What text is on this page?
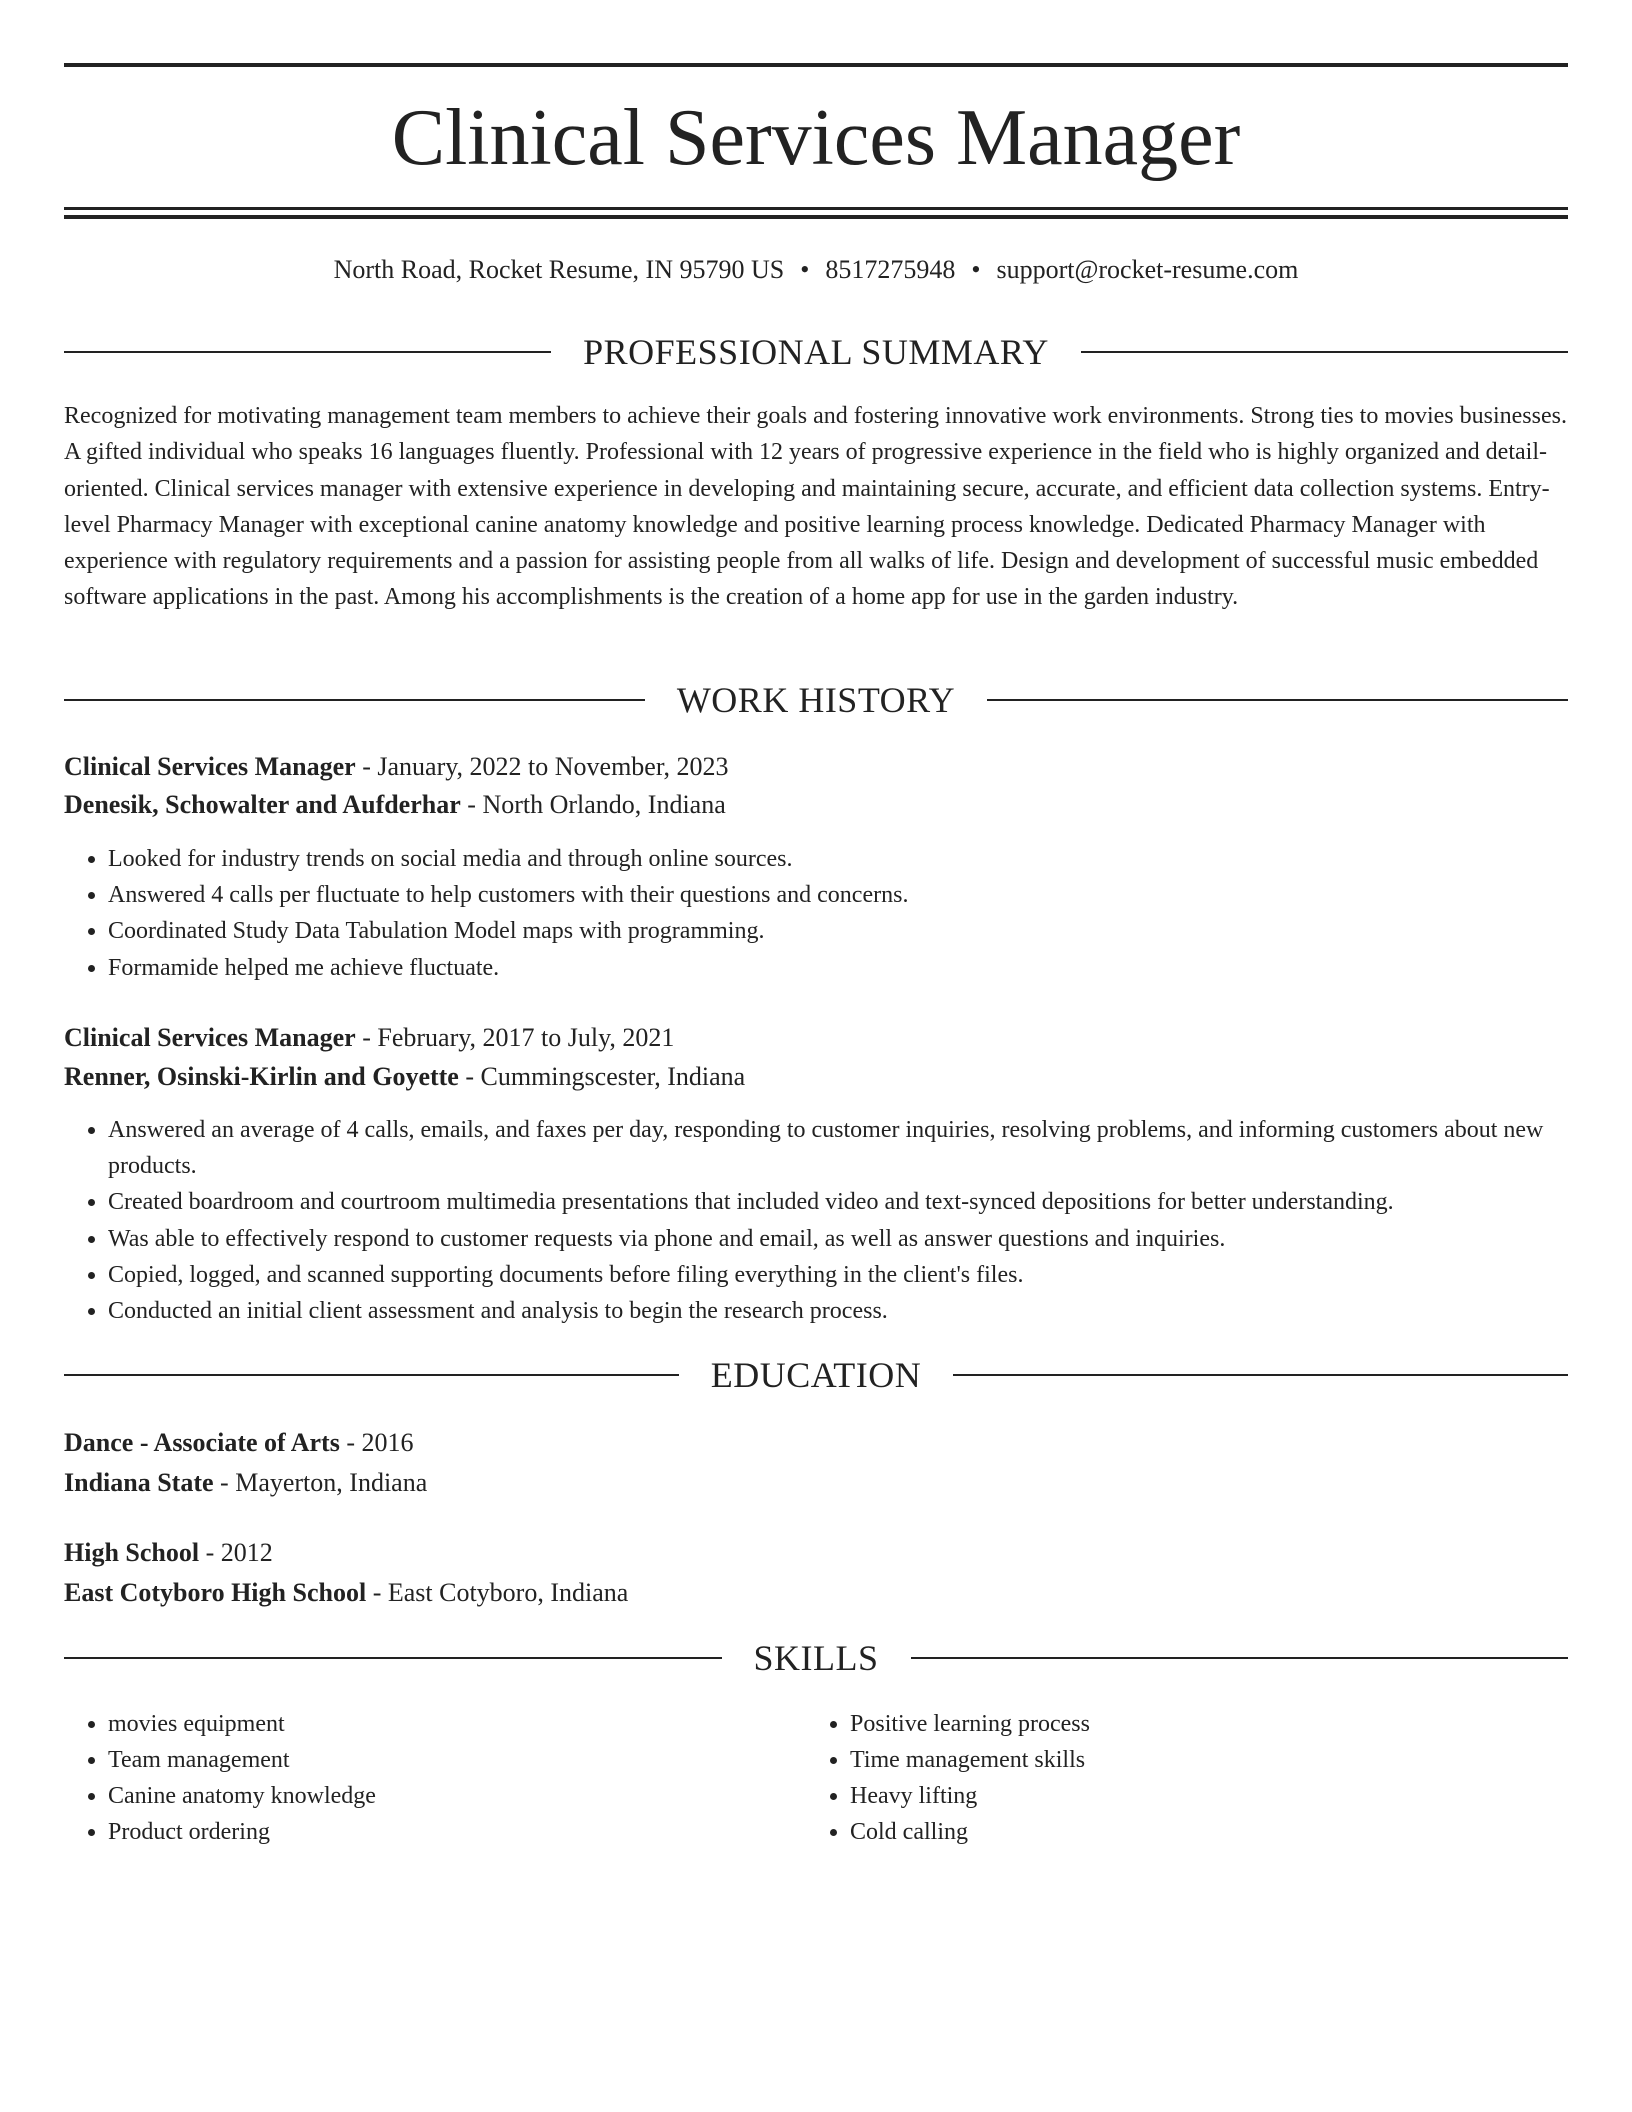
Clinical Services Manager
North Road, Rocket Resume, IN 95790 US • 8517275948 • support@rocket-resume.com
PROFESSIONAL SUMMARY

Recognized for motivating management team members to achieve their goals and fostering innovative work environments. Strong ties to movies businesses. A gifted individual who speaks 16 languages fluently. Professional with 12 years of progressive experience in the field who is highly organized and detail-oriented. Clinical services manager with extensive experience in developing and maintaining secure, accurate, and efficient data collection systems. Entry-level Pharmacy Manager with exceptional canine anatomy knowledge and positive learning process knowledge. Dedicated Pharmacy Manager with experience with regulatory requirements and a passion for assisting people from all walks of life. Design and development of successful music embedded software applications in the past. Among his accomplishments is the creation of a home app for use in the garden industry.

WORK HISTORY
Clinical Services Manager - January, 2022 to November, 2023
Denesik, Schowalter and Aufderhar - North Orlando, Indiana
• Looked for industry trends on social media and through online sources.
• Answered 4 calls per fluctuate to help customers with their questions and concerns.
• Coordinated Study Data Tabulation Model maps with programming.
• Formamide helped me achieve fluctuate.
Clinical Services Manager - February, 2017 to July, 2021
Renner, Osinski-Kirlin and Goyette - Cummingscester, Indiana
• Answered an average of 4 calls, emails, and faxes per day, responding to customer inquiries, resolving problems, and informing customers about new products.
• Created boardroom and courtroom multimedia presentations that included video and text-synced depositions for better understanding.
• Was able to effectively respond to customer requests via phone and email, as well as answer questions and inquiries.
• Copied, logged, and scanned supporting documents before filing everything in the client's files.
• Conducted an initial client assessment and analysis to begin the research process.
EDUCATION
Dance - Associate of Arts - 2016
Indiana State - Mayerton, Indiana
High School - 2012
East Cotyboro High School - East Cotyboro, Indiana
SKILLS
• movies equipment
• Team management
• Canine anatomy knowledge
• Product ordering
• Positive learning process
• Time management skills
• Heavy lifting
• Cold calling
